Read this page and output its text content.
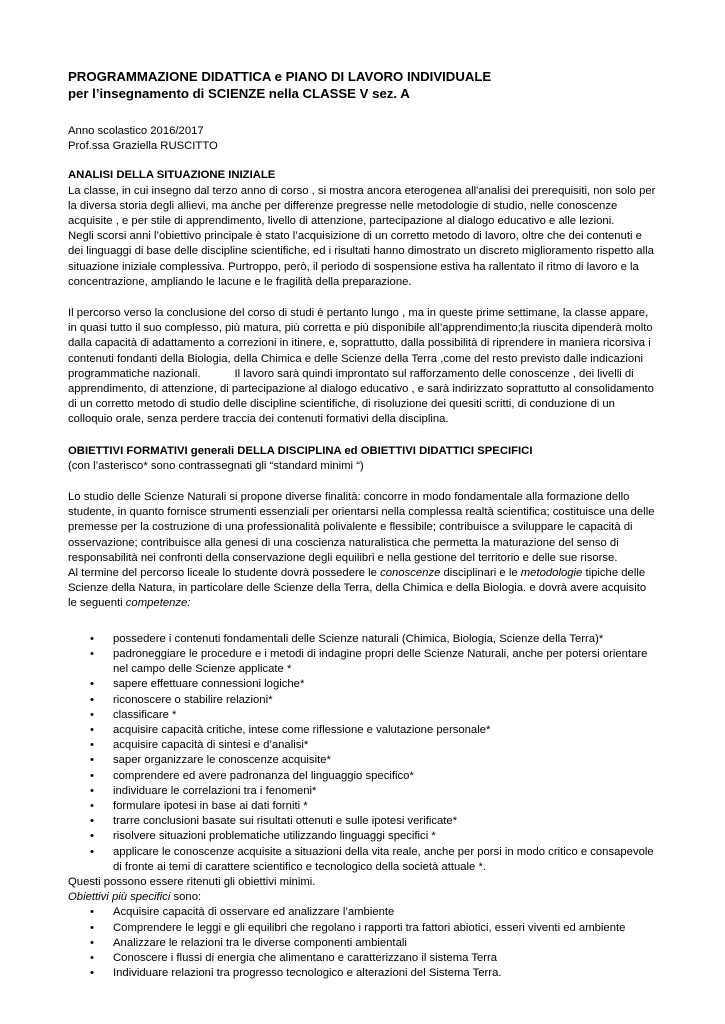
PROGRAMMAZIONE DIDATTICA e PIANO DI LAVORO INDIVIDUALE

per l’insegnamento di SCIENZE nella CLASSE V sez. A

Anno scolastico 2016/2017

Prof.ssa Graziella RUSCITTO

ANALISI DELLA SITUAZIONE INIZIALE

La classe, in cui insegno dal terzo anno di corso , si mostra ancora eterogenea all'analisi dei prerequisiti, non solo per la diversa storia degli allievi, ma anche per differenze pregresse nelle metodologie di studio, nelle conoscenze acquisite , e per stile di apprendimento, livello di attenzione, partecipazione al dialogo educativo e alle lezioni.

Negli scorsi anni l’obiettivo principale è stato l’acquisizione di un corretto metodo di lavoro, oltre che dei contenuti e dei linguaggi di base delle discipline scientifiche, ed i risultati hanno dimostrato un discreto miglioramento rispetto alla situazione iniziale complessiva. Purtroppo, però, il periodo di sospensione estiva ha rallentato il ritmo di lavoro e la concentrazione, ampliando le lacune e le fragilità della preparazione.

Il percorso verso la conclusione del corso di studi è pertanto lungo , ma in queste prime settimane, la classe appare, in quasi tutto il suo complesso, più matura, più corretta e più disponibile all’apprendimento;la riuscita dipenderà molto dalla capacità di adattamento a correzioni in itinere, e, soprattutto, dalla possibilità di riprendere in maniera ricorsiva i contenuti fondanti della Biologia, della Chimica e delle Scienze della Terra ,come del resto previsto dalle indicazioni programmatiche nazionali.	Il lavoro sarà quindi improntato sul rafforzamento delle conoscenze , dei livelli di apprendimento, di attenzione, di partecipazione al dialogo educativo , e sarà indirizzato soprattutto al consolidamento di un corretto metodo di studio delle discipline scientifiche, di risoluzione dei quesiti scritti, di conduzione di un colloquio orale, senza perdere traccia dei contenuti formativi della disciplina.

OBIETTIVI FORMATIVI generali DELLA DISCIPLINA ed OBIETTIVI DIDATTICI SPECIFICI

(con l’asterisco* sono contrassegnati gli “standard minimi “)

Lo studio delle Scienze Naturali si propone diverse finalità: concorre in modo fondamentale alla formazione dello studente, in quanto fornisce strumenti essenziali per orientarsi nella complessa realtà scientifica; costituisce una delle premesse per la costruzione di una professionalità polivalente e flessibile; contribuisce a sviluppare le capacità di osservazione; contribuisce alla genesi di una coscienza naturalistica che permetta la maturazione del senso di responsabilità nei confronti della conservazione degli equilibri e nella gestione del territorio e delle sue risorse.

Al termine del percorso liceale lo studente dovrà possedere le conoscenze disciplinari e le metodologie tipiche delle Scienze della Natura, in particolare delle Scienze della Terra, della Chimica e della Biologia. e dovrà avere acquisito le seguenti competenze:

• possedere i contenuti fondamentali delle Scienze naturali (Chimica, Biologia, Scienze della Terra)*
• padroneggiare le procedure e i metodi di indagine propri delle Scienze Naturali, anche per potersi orientare nel campo delle Scienze applicate *
• sapere effettuare connessioni logiche*
• riconoscere o stabilire relazioni*
• classificare *
• acquisire capacità critiche, intese come riflessione e valutazione personale*
• acquisire capacità di sintesi e d’analisi*
• saper organizzare le conoscenze acquisite*
• comprendere ed avere padronanza del linguaggio specifico*
• individuare le correlazioni tra i fenomeni*
• formulare ipotesi in base ai dati forniti *
• trarre conclusioni basate sui risultati ottenuti e sulle ipotesi verificate*
• risolvere situazioni problematiche utilizzando linguaggi specifici *
• applicare le conoscenze acquisite a situazioni della vita reale, anche per porsi in modo critico e consapevole di fronte ai temi di carattere scientifico e tecnologico della società attuale *.

Questi possono essere ritenuti gli obiettivi minimi.

Obiettivi più specifici sono:

• Acquisire capacità di osservare ed analizzare l’ambiente
• Comprendere le leggi e gli equilibri che regolano i rapporti tra fattori abiotici, esseri viventi ed ambiente
• Analizzare le relazioni tra le diverse componenti ambientali
• Conoscere i flussi di energia che alimentano e caratterizzano il sistema Terra
• Individuare relazioni tra progresso tecnologico e alterazioni del Sistema Terra.
